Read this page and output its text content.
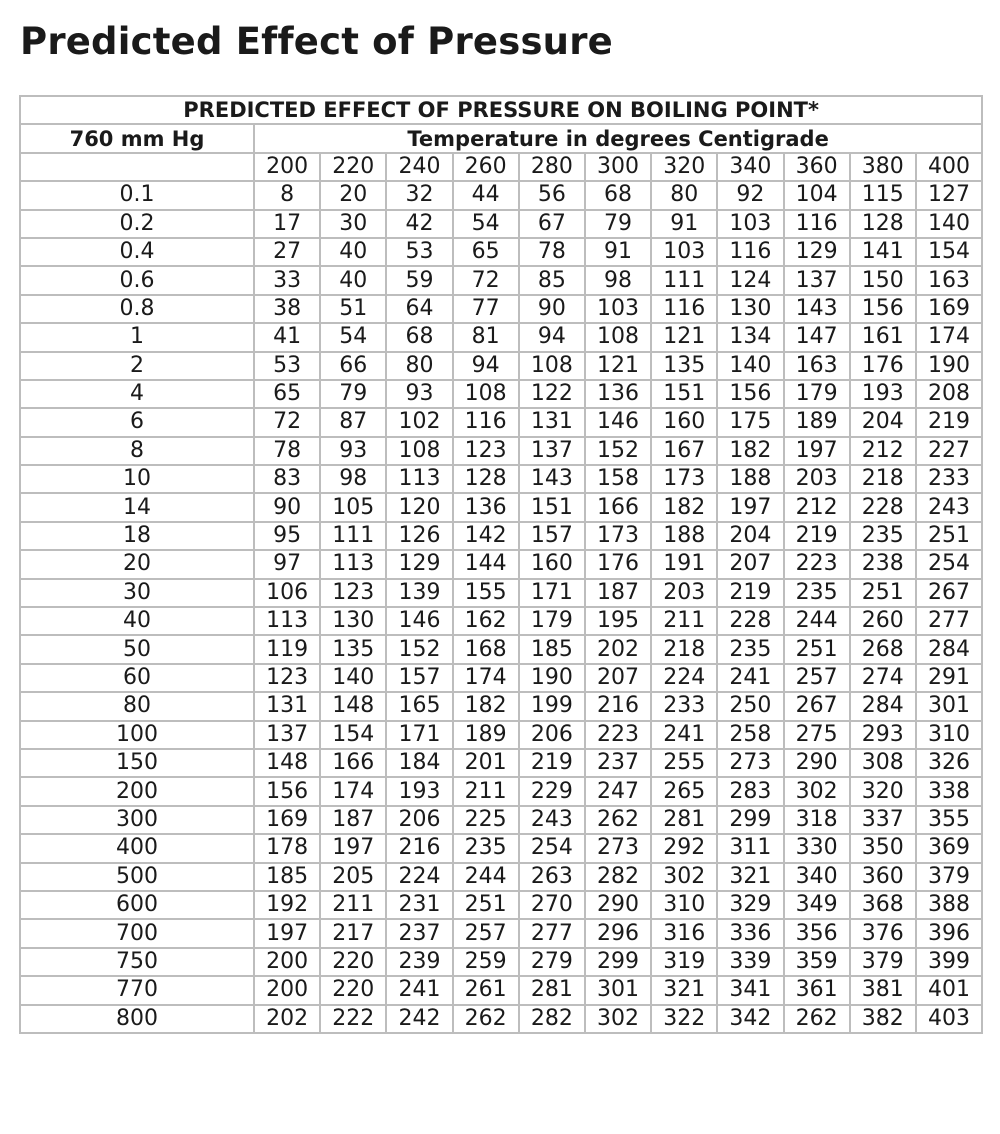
Predicted Effect of Pressure
PREDICTED EFFECT OF PRESSURE ON BOILING POINT*											
760 mm Hg	Temperature in degrees Centigrade										
	200	220	240	260	280	300	320	340	360	380	400
0.1	8	20	32	44	56	68	80	92	104	115	127
0.2	17	30	42	54	67	79	91	103	116	128	140
0.4	27	40	53	65	78	91	103	116	129	141	154
0.6	33	40	59	72	85	98	111	124	137	150	163
0.8	38	51	64	77	90	103	116	130	143	156	169
1	41	54	68	81	94	108	121	134	147	161	174
2	53	66	80	94	108	121	135	140	163	176	190
4	65	79	93	108	122	136	151	156	179	193	208
6	72	87	102	116	131	146	160	175	189	204	219
8	78	93	108	123	137	152	167	182	197	212	227
10	83	98	113	128	143	158	173	188	203	218	233
14	90	105	120	136	151	166	182	197	212	228	243
18	95	111	126	142	157	173	188	204	219	235	251
20	97	113	129	144	160	176	191	207	223	238	254
30	106	123	139	155	171	187	203	219	235	251	267
40	113	130	146	162	179	195	211	228	244	260	277
50	119	135	152	168	185	202	218	235	251	268	284
60	123	140	157	174	190	207	224	241	257	274	291
80	131	148	165	182	199	216	233	250	267	284	301
100	137	154	171	189	206	223	241	258	275	293	310
150	148	166	184	201	219	237	255	273	290	308	326
200	156	174	193	211	229	247	265	283	302	320	338
300	169	187	206	225	243	262	281	299	318	337	355
400	178	197	216	235	254	273	292	311	330	350	369
500	185	205	224	244	263	282	302	321	340	360	379
600	192	211	231	251	270	290	310	329	349	368	388
700	197	217	237	257	277	296	316	336	356	376	396
750	200	220	239	259	279	299	319	339	359	379	399
770	200	220	241	261	281	301	321	341	361	381	401
800	202	222	242	262	282	302	322	342	262	382	403
